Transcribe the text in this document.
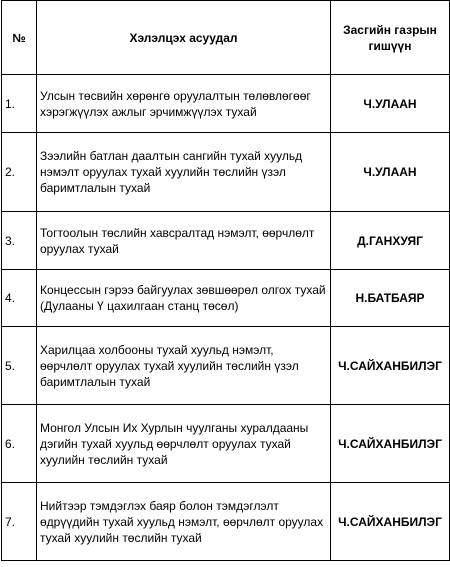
№	Хэлэлцэх асуудал	Засгийн газрын гишүүн
1.	Улсын төсвийн хөрөнгө оруулалтын төлөвлөгөөг хэрэгжүүлэх ажлыг эрчимжүүлэх тухай	Ч.УЛААН
2.	Зээлийн батлан даалтын сангийн тухай хуульд нэмэлт оруулах тухай хуулийн төслийн үзэл баримтлалын тухай	Ч.УЛААН
3.	Тогтоолын төслийн хавсралтад нэмэлт, өөрчлөлт оруулах тухай	Д.ГАНХУЯГ
4.	Концессын гэрээ байгуулах зөвшөөрөл олгох тухай (Дулааны Ү цахилгаан станц төсөл)	Н.БАТБАЯР
5.	Харилцаа холбооны тухай хуульд нэмэлт, өөрчлөлт оруулах тухай хуулийн төслийн үзэл баримтлалын тухай	Ч.САЙХАНБИЛЭГ
6.	Монгол Улсын Их Хурлын чуулганы хуралдааны дэгийн тухай хуульд өөрчлөлт оруулах тухай хуулийн төслийн тухай	Ч.САЙХАНБИЛЭГ
7.	Нийтээр тэмдэглэх баяр болон тэмдэглэлт өдрүүдийн тухай хуульд нэмэлт, өөрчлөлт оруулах тухай хуулийн төслийн тухай	Ч.САЙХАНБИЛЭГ
